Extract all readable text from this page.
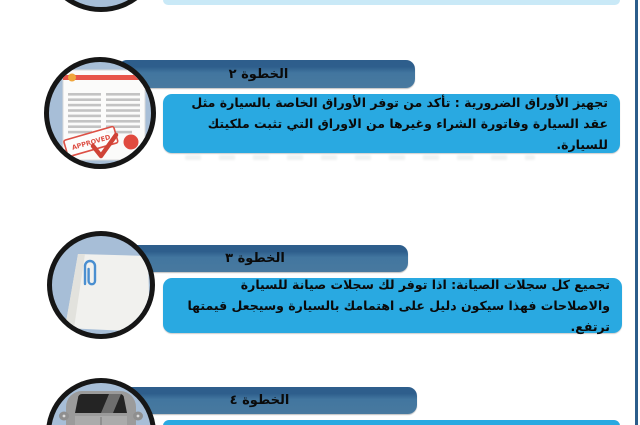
الخطوة ٢

تجهيز الأوراق الضرورية : تأكد من توفر الأوراق الخاصة بالسيارة مثل عقد السيارة وفاتورة الشراء وغيرها من الاوراق التي تثبت ملكيتك للسيارة.

APPROVED
الخطوة ٣

تجميع كل سجلات الصيانة: اذا توفر لك سجلات صيانة للسيارة والاصلاحات فهذا سيكون دليل على اهتمامك بالسيارة وسيجعل قيمتها ترتفع.

الخطوة ٤
